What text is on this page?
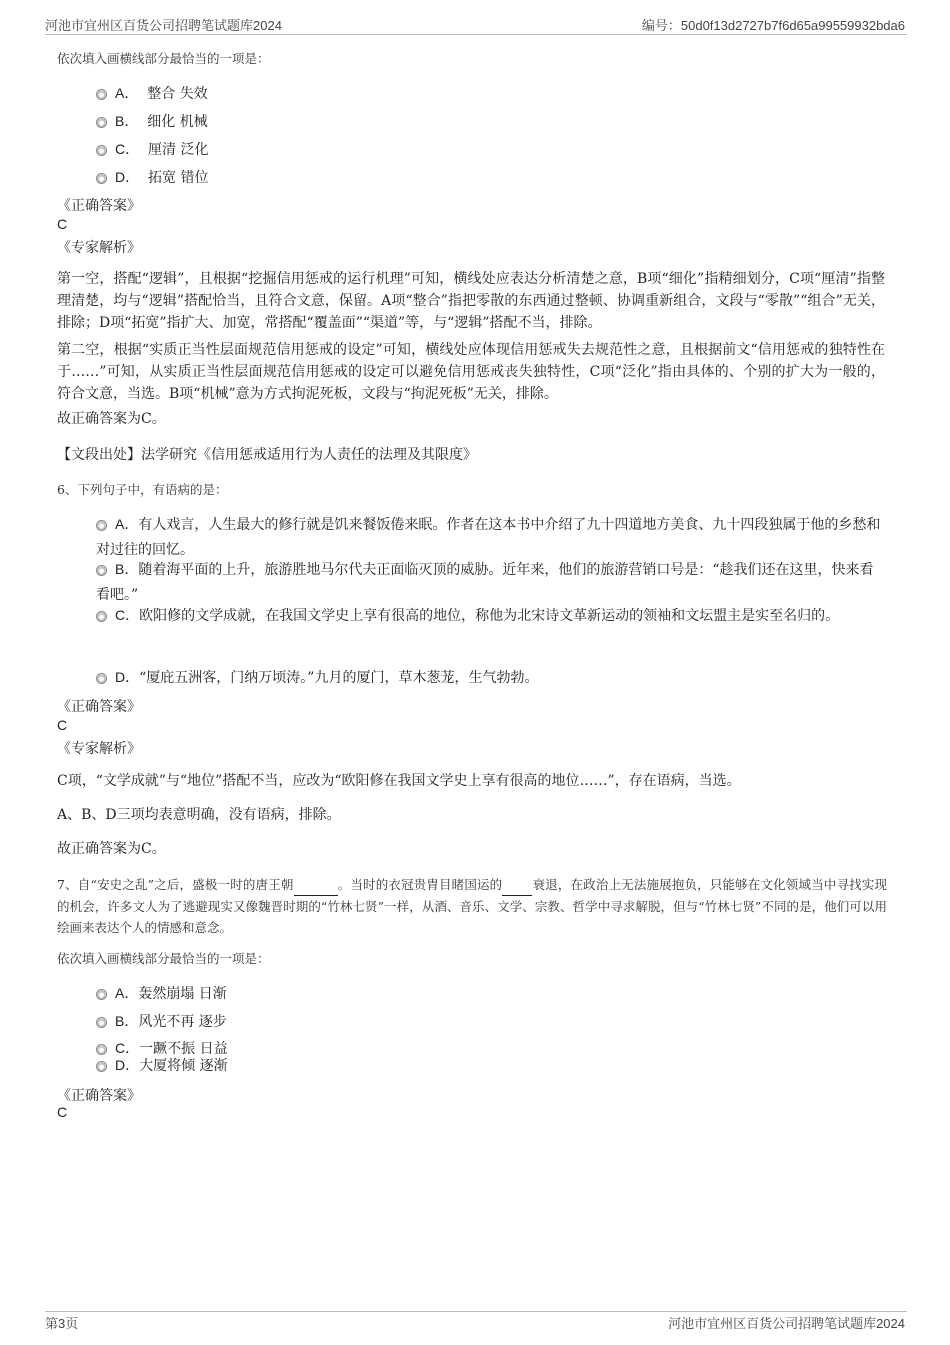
河池市宜州区百货公司招聘笔试题库2024	编号：50d0f13d2727b7f6d65a99559932bda6
依次填入画横线部分最恰当的一项是：
A． 整合 失效
B． 细化 机械
C． 厘清 泛化
D． 拓宽 错位
《正确答案》
C
《专家解析》
第一空，搭配“逻辑”，且根据“挖掘信用惩戒的运行机理”可知，横线处应表达分析清楚之意，B项“细化”指精细划分，C项“厘清”指整理清楚，均与“逻辑”搭配恰当，且符合文意，保留。A项“整合”指把零散的东西通过整顿、协调重新组合，文段与“零散”“组合”无关，排除；D项“拓宽”指扩大、加宽，常搭配“覆盖面”“渠道”等，与“逻辑”搭配不当，排除。
第二空，根据“实质正当性层面规范信用惩戒的设定”可知，横线处应体现信用惩戒失去规范性之意，且根据前文“信用惩戒的独特性在于……”可知，从实质正当性层面规范信用惩戒的设定可以避免信用惩戒丧失独特性，C项“泛化”指由具体的、个别的扩大为一般的，符合文意，当选。B项“机械”意为方式拘泥死板，文段与“拘泥死板”无关，排除。
故正确答案为C。
【文段出处】法学研究《信用惩戒适用行为人责任的法理及其限度》
6、下列句子中，有语病的是：
A．有人戏言，人生最大的修行就是饥来餐饭倦来眠。作者在这本书中介绍了九十四道地方美食、九十四段独属于他的乡愁和对过往的回忆。
B．随着海平面的上升，旅游胜地马尔代夫正面临灭顶的威胁。近年来，他们的旅游营销口号是：“趁我们还在这里，快来看看吧。”
C．欧阳修的文学成就，在我国文学史上享有很高的地位，称他为北宋诗文革新运动的领袖和文坛盟主是实至名归的。
D．“厦庇五洲客，门纳万顷涛。”九月的厦门，草木葱茏，生气勃勃。
《正确答案》
C
《专家解析》
C项，“文学成就”与“地位”搭配不当，应改为“欧阳修在我国文学史上享有很高的地位……”，存在语病，当选。
A、B、D三项均表意明确，没有语病，排除。
故正确答案为C。
7、自“安史之乱”之后，盛极一时的唐王朝	。当时的衣冠贵胄目睹国运的 衰退，在政治上无法施展抱负，只能够在文化领域当中寻找实现的机会，许多文人为了逃避现实又像魏晋时期的“竹林七贤”一样，从酒、音乐、文学、宗教、哲学中寻求解脱，但与“竹林七贤”不同的是，他们可以用绘画来表达个人的情感和意念。
依次填入画横线部分最恰当的一项是：
A．轰然崩塌 日渐
B．风光不再 逐步
C．一蹶不振 日益
D．大厦将倾 逐渐
《正确答案》
C
第3页	河池市宜州区百货公司招聘笔试题库2024
